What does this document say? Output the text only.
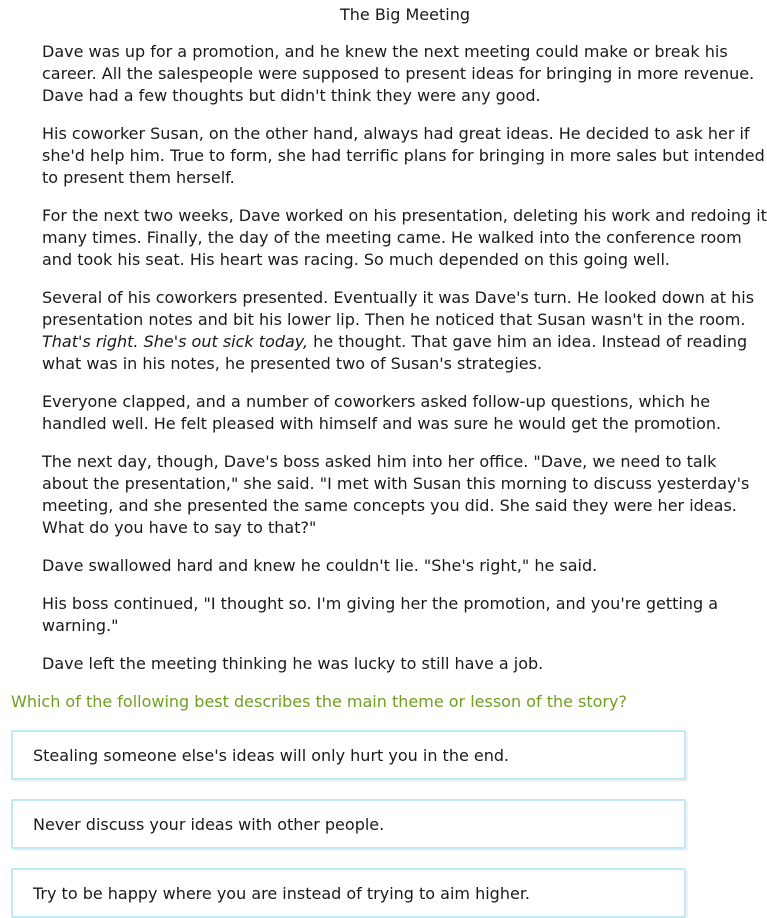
The Big Meeting

Dave was up for a promotion, and he knew the next meeting could make or break his career. All the salespeople were supposed to present ideas for bringing in more revenue. Dave had a few thoughts but didn't think they were any good.

His coworker Susan, on the other hand, always had great ideas. He decided to ask her if she'd help him. True to form, she had terrific plans for bringing in more sales but intended to present them herself.

For the next two weeks, Dave worked on his presentation, deleting his work and redoing it many times. Finally, the day of the meeting came. He walked into the conference room and took his seat. His heart was racing. So much depended on this going well.

Several of his coworkers presented. Eventually it was Dave's turn. He looked down at his presentation notes and bit his lower lip. Then he noticed that Susan wasn't in the room. That's right. She's out sick today, he thought. That gave him an idea. Instead of reading what was in his notes, he presented two of Susan's strategies.

Everyone clapped, and a number of coworkers asked follow-up questions, which he handled well. He felt pleased with himself and was sure he would get the promotion.

The next day, though, Dave's boss asked him into her office. "Dave, we need to talk about the presentation," she said. "I met with Susan this morning to discuss yesterday's meeting, and she presented the same concepts you did. She said they were her ideas. What do you have to say to that?"

Dave swallowed hard and knew he couldn't lie. "She's right," he said.

His boss continued, "I thought so. I'm giving her the promotion, and you're getting a warning."

Dave left the meeting thinking he was lucky to still have a job.

Which of the following best describes the main theme or lesson of the story?
Stealing someone else's ideas will only hurt you in the end.
Never discuss your ideas with other people.
Try to be happy where you are instead of trying to aim higher.
